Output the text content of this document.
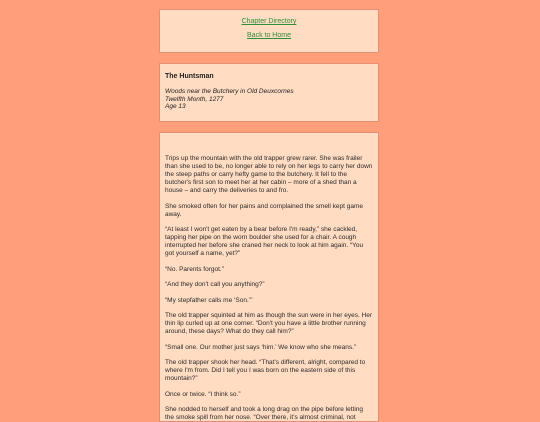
Chapter Directory
Back to Home

The Huntsman

Woods near the Butchery in Old Deuxcornes

Twelfth Month, 1277

Age 13

Trips up the mountain with the old trapper grew rarer. She was frailer than she used to be, no longer able to rely on her legs to carry her down the steep paths or carry hefty game to the butchery. It fell to the butcher's first son to meet her at her cabin – more of a shed than a house – and carry the deliveries to and fro.

She smoked often for her pains and complained the smell kept game away.

“At least I won't get eaten by a bear before I'm ready,” she cackled, tapping her pipe on the worn boulder she used for a chair. A cough interrupted her before she craned her neck to look at him again. “You got yourself a name, yet?”

“No. Parents forgot.”

“And they don't call you anything?”

“My stepfather calls me ‘Son.’”

The old trapper squinted at him as though the sun were in her eyes. Her thin lip curled up at one corner. “Don't you have a little brother running around, these days? What do they call him?”

“Small one. Our mother just says ‘him.’ We know who she means.”

The old trapper shook her head. “That's different, alright, compared to where I'm from. Did I tell you I was born on the eastern side of this mountain?”

Once or twice. “I think so.”

She nodded to herself and took a long drag on the pipe before letting the smoke spill from her nose. “Over there, it's almost criminal, not
